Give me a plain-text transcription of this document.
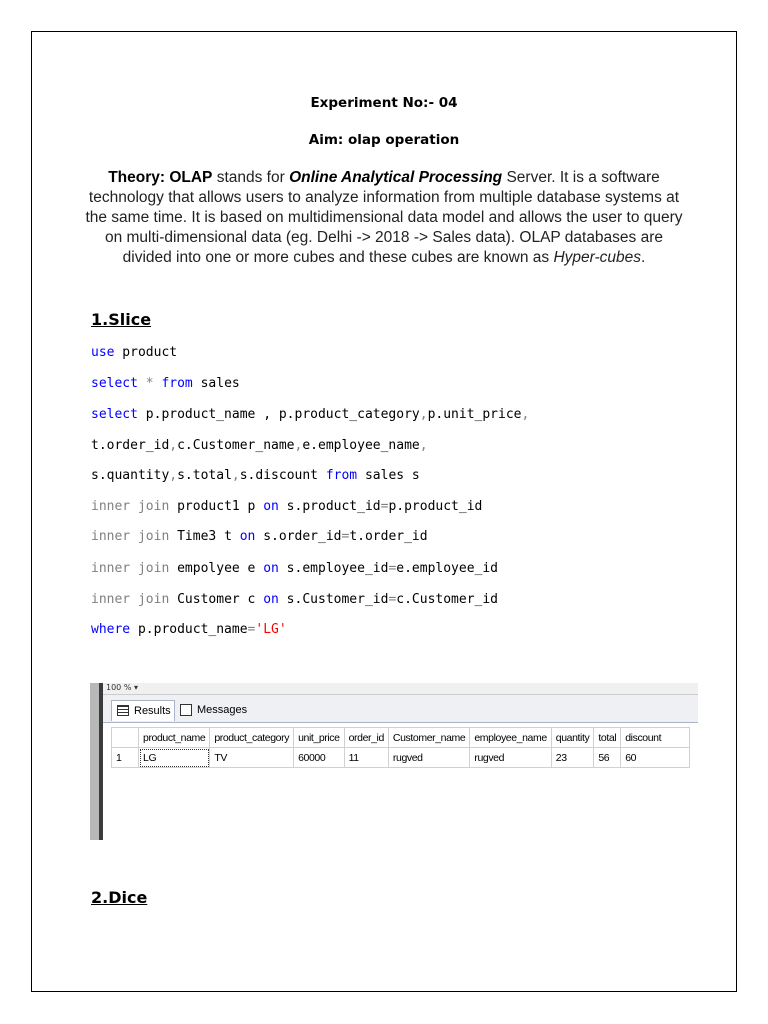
Experiment No:- 04
Aim: olap operation
Theory: OLAP stands for Online Analytical Processing Server. It is a software technology that allows users to analyze information from multiple database systems at the same time. It is based on multidimensional data model and allows the user to query on multi-dimensional data (eg. Delhi -> 2018 -> Sales data). OLAP databases are divided into one or more cubes and these cubes are known as Hyper-cubes.
1.Slice
use product
select * from sales
select p.product_name , p.product_category,p.unit_price,
t.order_id,c.Customer_name,e.employee_name,
s.quantity,s.total,s.discount from sales s
inner join product1 p on s.product_id=p.product_id
inner join Time3 t on s.order_id=t.order_id
inner join empolyee e on s.employee_id=e.employee_id
inner join Customer c on s.Customer_id=c.Customer_id
where p.product_name='LG'
100 % ▾
Results	Messages
	product_name	product_category	unit_price	order_id	Customer_name	employee_name	quantity	total	discount
1	LG	TV	60000	11	rugved	rugved	23	56	60
2.Dice
